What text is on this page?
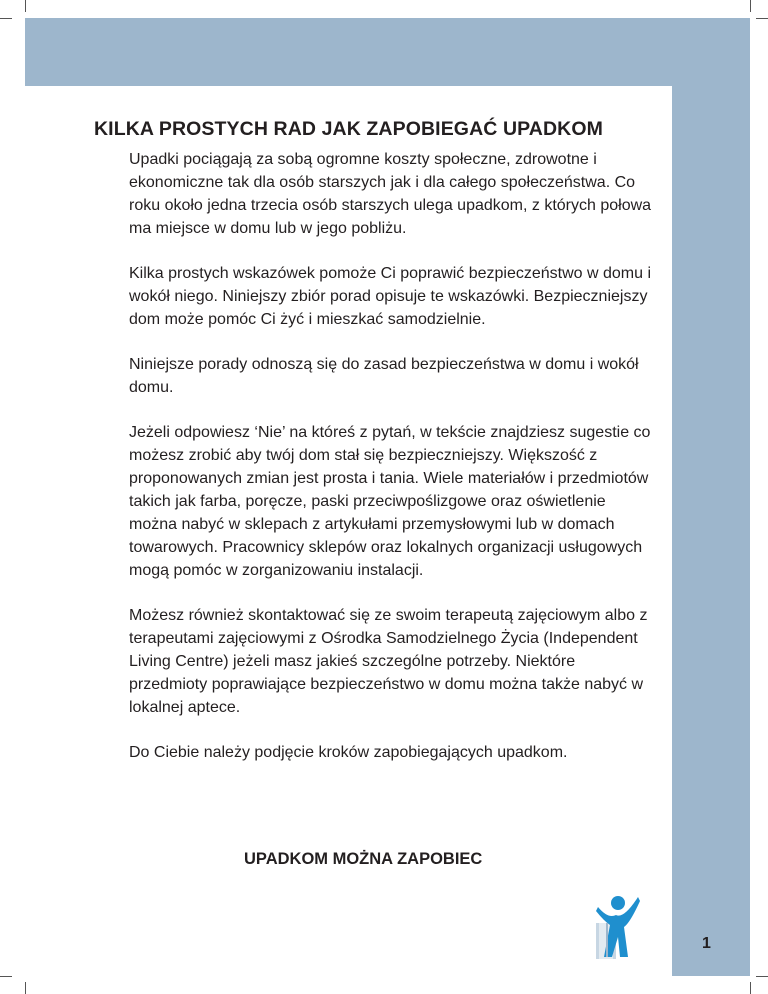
KILKA PROSTYCH RAD JAK ZAPOBIEGAĆ UPADKOM

Upadki pociągają za sobą ogromne koszty społeczne, zdrowotne i ekonomiczne tak dla osób starszych jak i dla całego społeczeństwa. Co roku około jedna trzecia osób starszych ulega upadkom, z których połowa ma miejsce w domu lub w jego pobliżu.

Kilka prostych wskazówek pomoże Ci poprawić bezpieczeństwo w domu i wokół niego. Niniejszy zbiór porad opisuje te wskazówki. Bezpieczniejszy dom może pomóc Ci żyć i mieszkać samodzielnie.

Niniejsze porady odnoszą się do zasad bezpieczeństwa w domu i wokół domu.

Jeżeli odpowiesz ‘Nie’ na któreś z pytań, w tekście znajdziesz sugestie co możesz zrobić aby twój dom stał się bezpieczniejszy. Większość z proponowanych zmian jest prosta i tania. Wiele materiałów i przedmiotów takich jak farba, poręcze, paski przeciwpoślizgowe oraz oświetlenie można nabyć w sklepach z artykułami przemysłowymi lub w domach towarowych. Pracownicy sklepów oraz lokalnych organizacji usługowych mogą pomóc w zorganizowaniu instalacji.

Możesz również skontaktować się ze swoim terapeutą zajęciowym albo z terapeutami zajęciowymi z Ośrodka Samodzielnego Życia (Independent Living Centre) jeżeli masz jakieś szczególne potrzeby. Niektóre przedmioty poprawiające bezpieczeństwo w domu można także nabyć w lokalnej aptece.

Do Ciebie należy podjęcie kroków zapobiegających upadkom.

UPADKOM MOŻNA ZAPOBIEC

1
